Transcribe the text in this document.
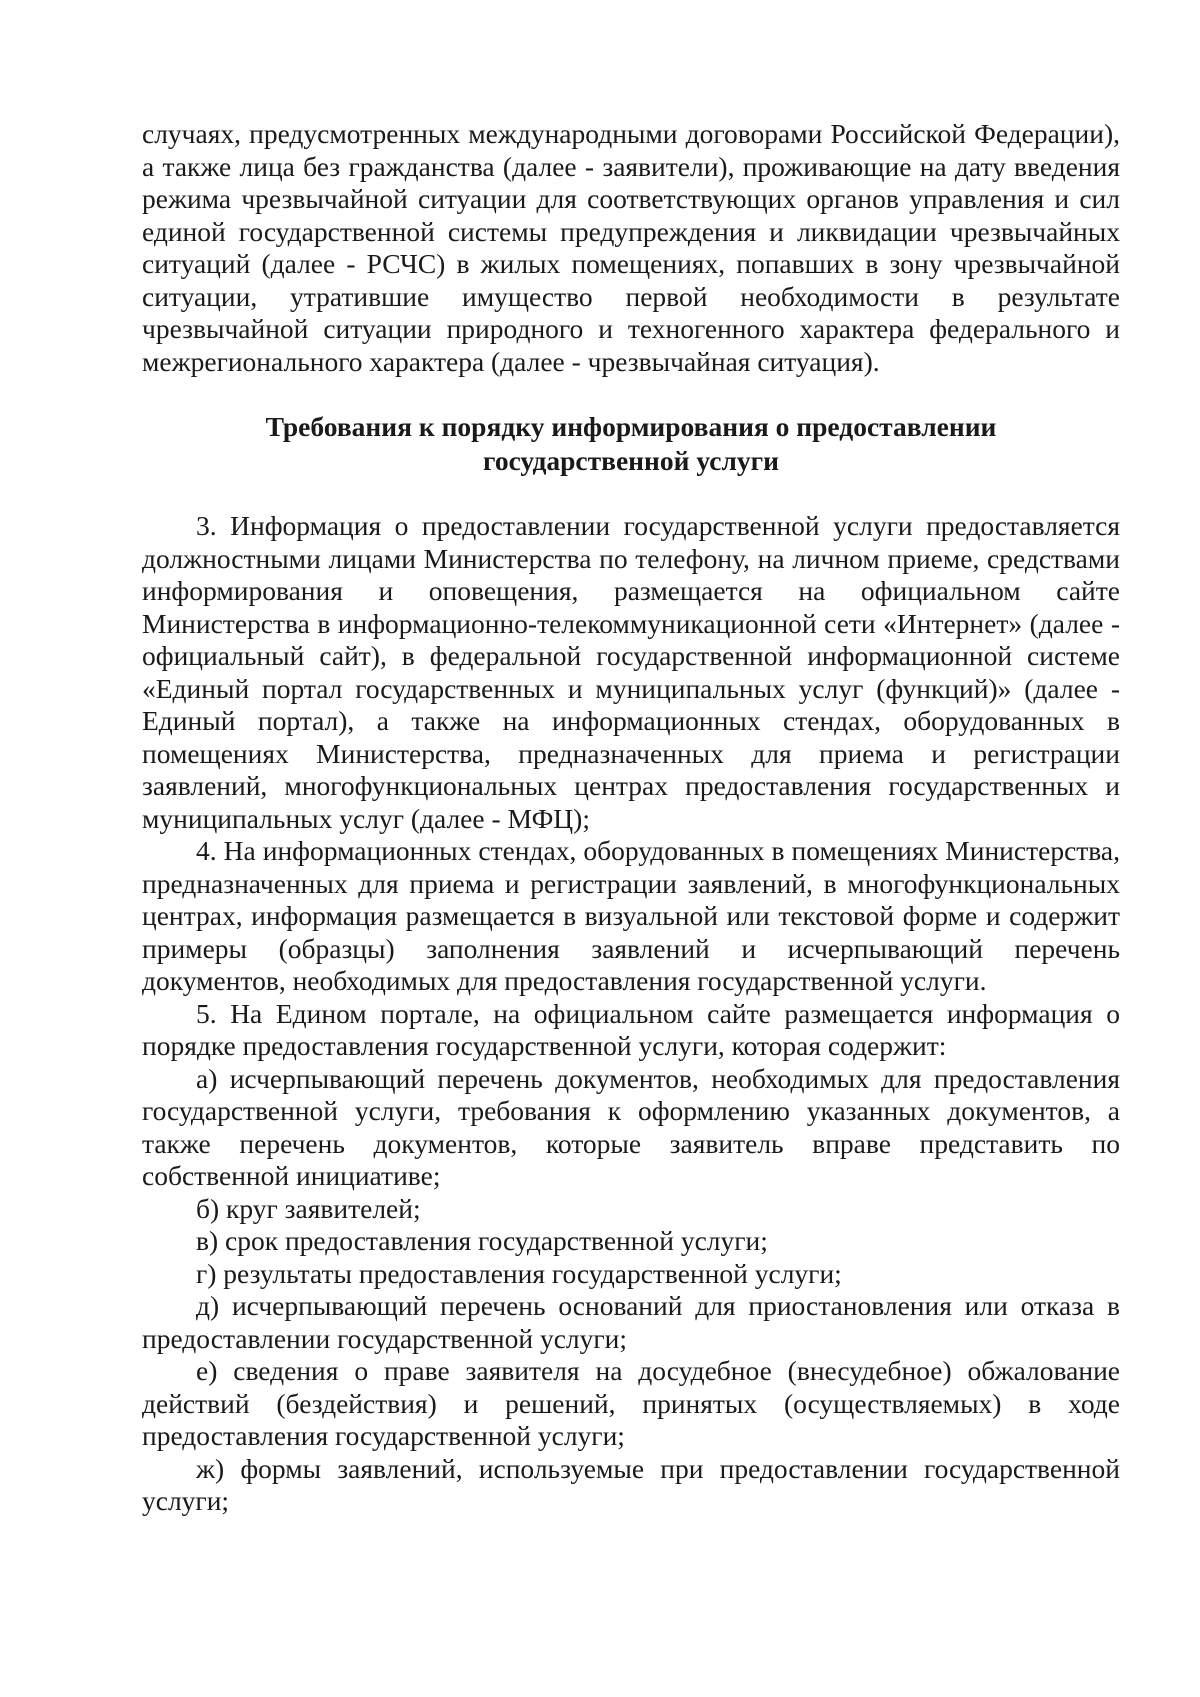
случаях, предусмотренных международными договорами Российской Федерации), а также лица без гражданства (далее - заявители), проживающие на дату введения режима чрезвычайной ситуации для соответствующих органов управления и сил единой государственной системы предупреждения и ликвидации чрезвычайных ситуаций (далее - РСЧС) в жилых помещениях, попавших в зону чрезвычайной ситуации, утратившие имущество первой необходимости в результате чрезвычайной ситуации природного и техногенного характера федерального и межрегионального характера (далее - чрезвычайная ситуация).

Требования к порядку информирования о предоставлении
государственной услуги

3. Информация о предоставлении государственной услуги предоставляется должностными лицами Министерства по телефону, на личном приеме, средствами информирования и оповещения, размещается на официальном сайте Министерства в информационно-телекоммуникационной сети «Интернет» (далее - официальный сайт), в федеральной государственной информационной системе «Единый портал государственных и муниципальных услуг (функций)» (далее - Единый портал), а также на информационных стендах, оборудованных в помещениях Министерства, предназначенных для приема и регистрации заявлений, многофункциональных центрах предоставления государственных и муниципальных услуг (далее - МФЦ);

4. На информационных стендах, оборудованных в помещениях Министерства, предназначенных для приема и регистрации заявлений, в многофункциональных центрах, информация размещается в визуальной или текстовой форме и содержит примеры (образцы) заполнения заявлений и исчерпывающий перечень документов, необходимых для предоставления государственной услуги.

5. На Едином портале, на официальном сайте размещается информация о порядке предоставления государственной услуги, которая содержит:

а) исчерпывающий перечень документов, необходимых для предоставления государственной услуги, требования к оформлению указанных документов, а также перечень документов, которые заявитель вправе представить по собственной инициативе;

б) круг заявителей;

в) срок предоставления государственной услуги;

г) результаты предоставления государственной услуги;

д) исчерпывающий перечень оснований для приостановления или отказа в предоставлении государственной услуги;

е) сведения о праве заявителя на досудебное (внесудебное) обжалование действий (бездействия) и решений, принятых (осуществляемых) в ходе предоставления государственной услуги;

ж) формы заявлений, используемые при предоставлении государственной услуги;
